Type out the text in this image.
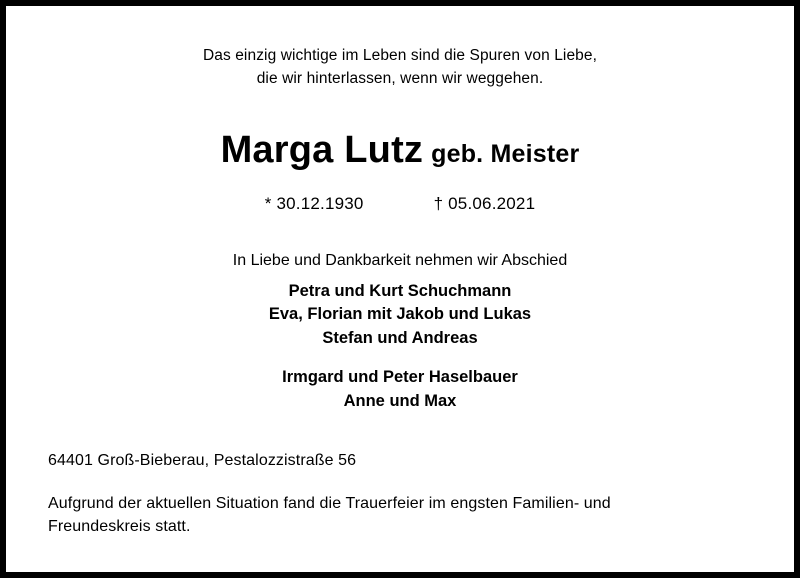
Das einzig wichtige im Leben sind die Spuren von Liebe,
die wir hinterlassen, wenn wir weggehen.
Marga Lutz geb. Meister
* 30.12.1930	† 05.06.2021
In Liebe und Dankbarkeit nehmen wir Abschied
Petra und Kurt Schuchmann
Eva, Florian mit Jakob und Lukas
Stefan und Andreas
Irmgard und Peter Haselbauer
Anne und Max
64401 Groß-Bieberau, Pestalozzistraße 56
Aufgrund der aktuellen Situation fand die Trauerfeier im engsten Familien- und
Freundeskreis statt.
